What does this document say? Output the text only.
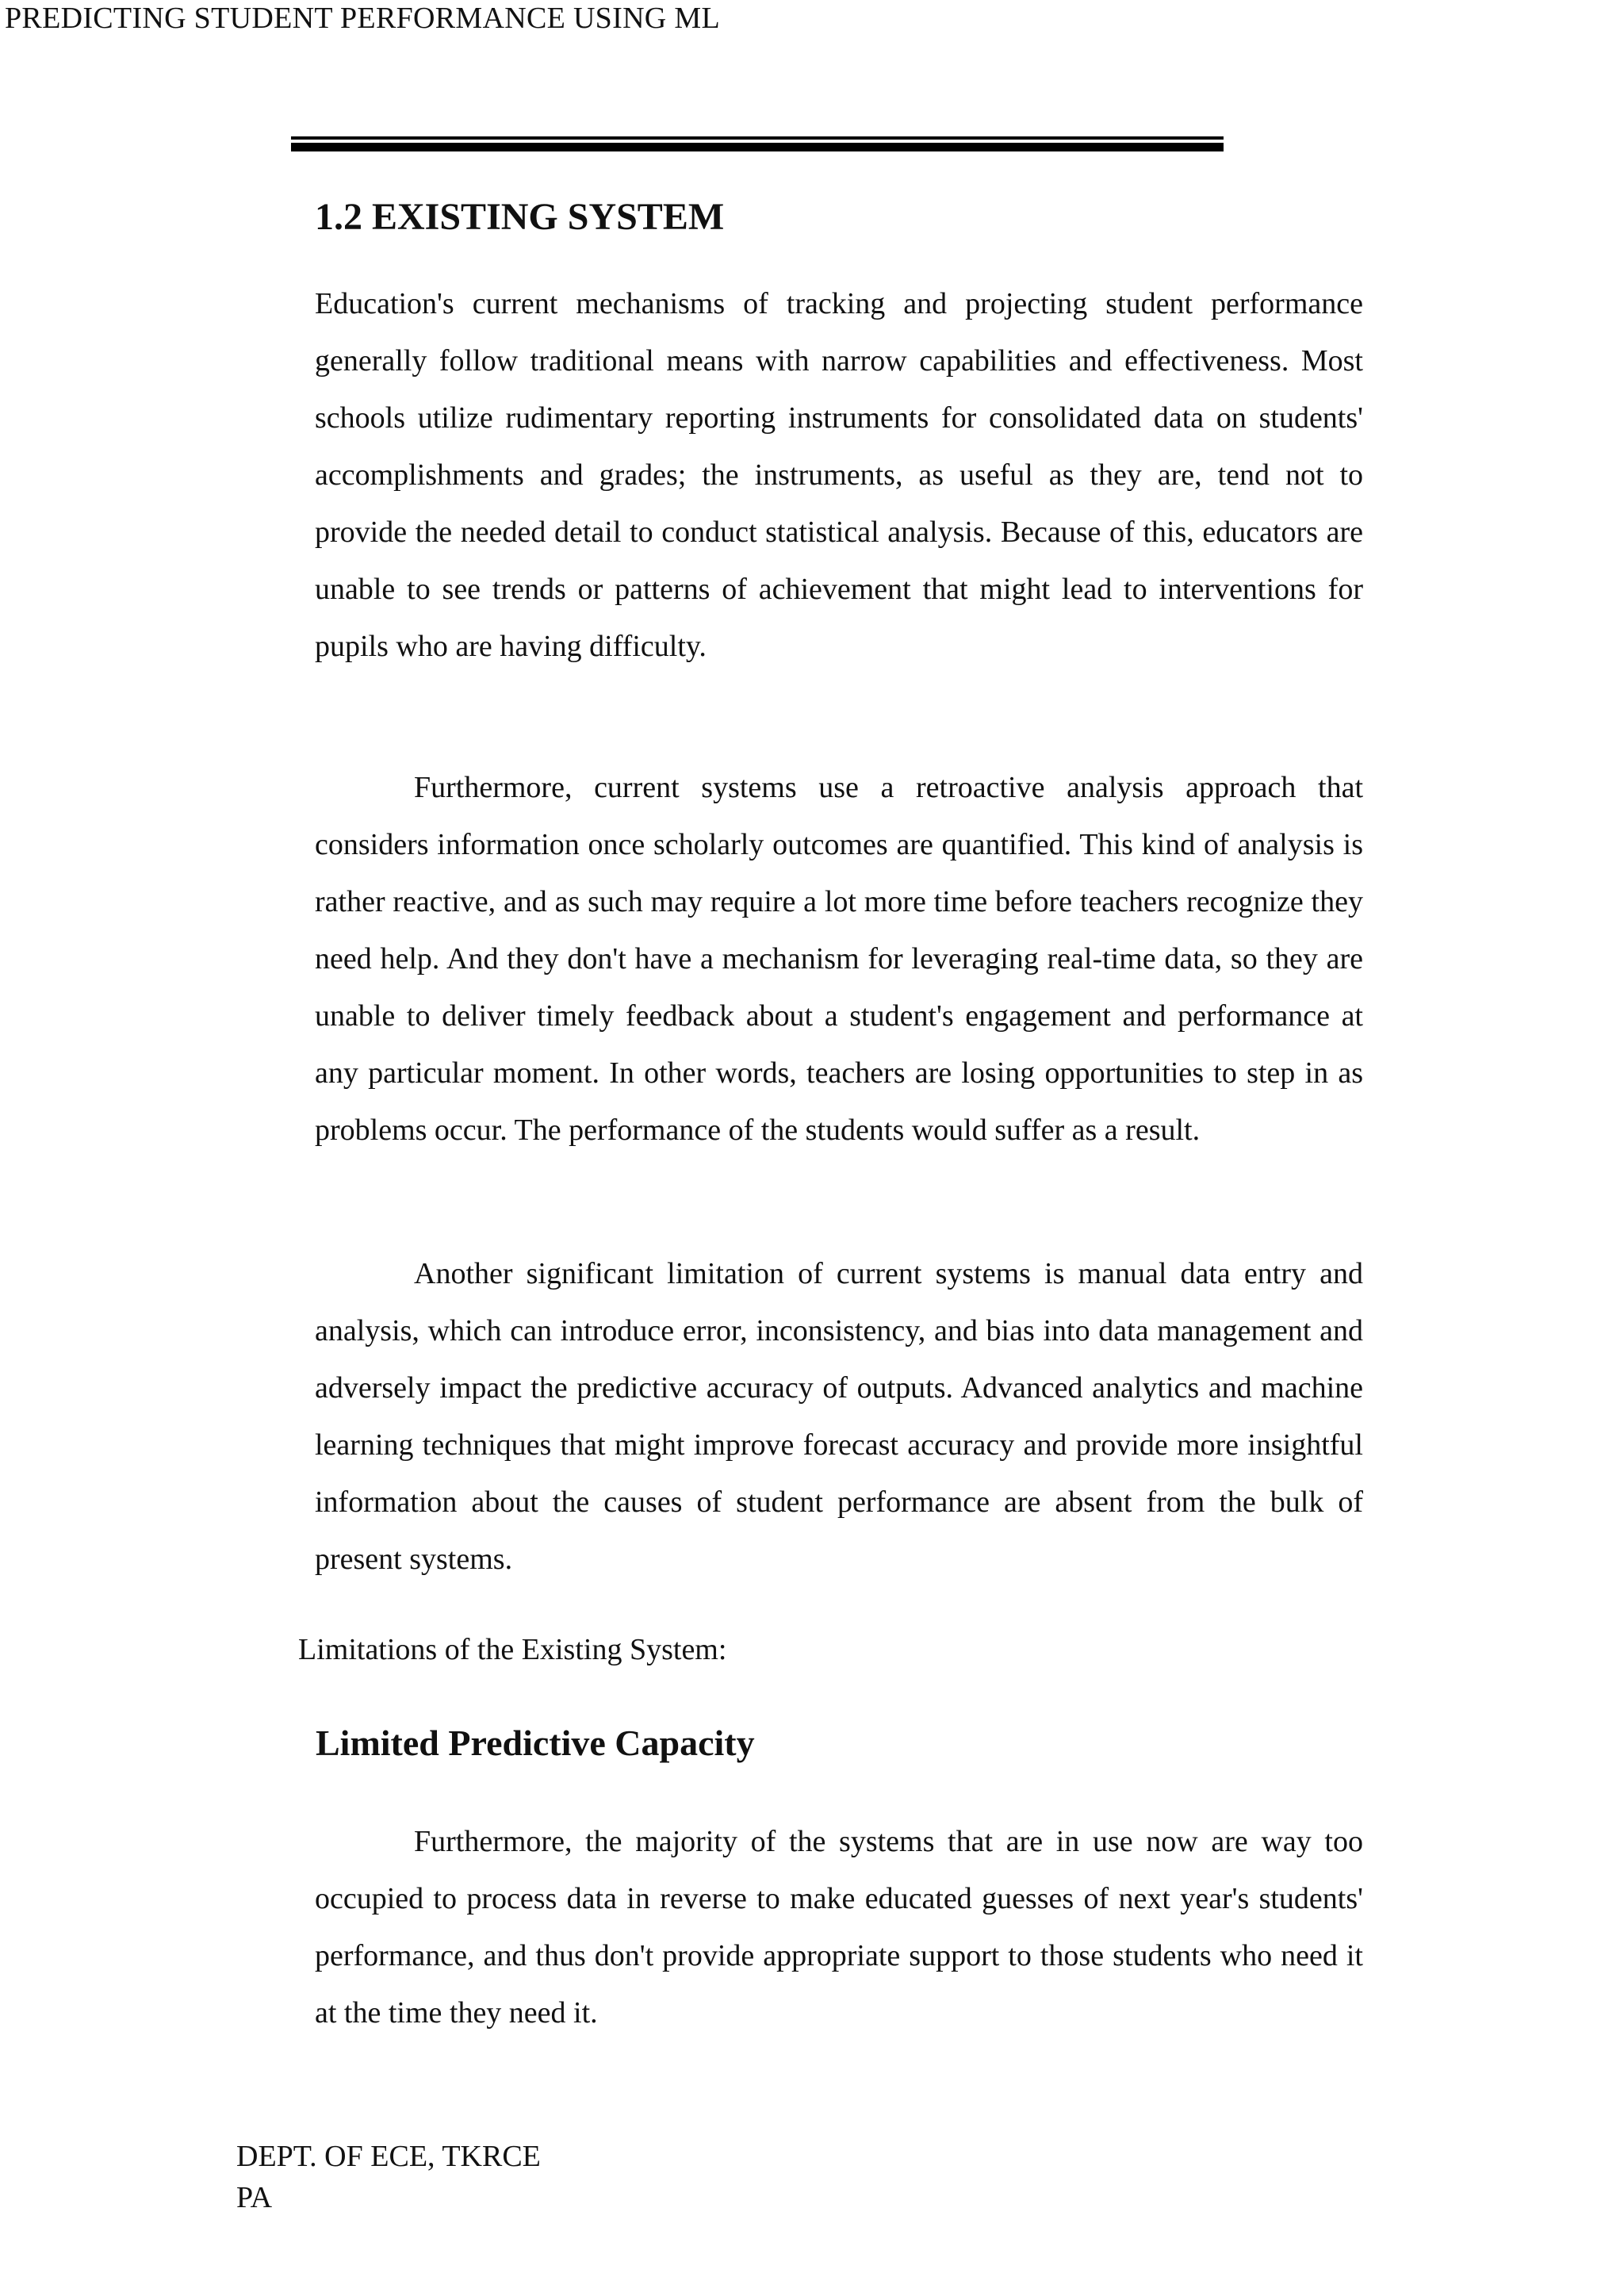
PREDICTING STUDENT PERFORMANCE USING ML
1.2 EXISTING SYSTEM

Education's current mechanisms of tracking and projecting student performance generally follow traditional means with narrow capabilities and effectiveness. Most schools utilize rudimentary reporting instruments for consolidated data on students' accomplishments and grades; the instruments, as useful as they are, tend not to provide the needed detail to conduct statistical analysis. Because of this, educators are unable to see trends or patterns of achievement that might lead to interventions for pupils who are having difficulty.

Furthermore, current systems use a retroactive analysis approach that considers information once scholarly outcomes are quantified. This kind of analysis is rather reactive, and as such may require a lot more time before teachers recognize they need help. And they don't have a mechanism for leveraging real-time data, so they are unable to deliver timely feedback about a student's engagement and performance at any particular moment. In other words, teachers are losing opportunities to step in as problems occur. The performance of the students would suffer as a result.

Another significant limitation of current systems is manual data entry and analysis, which can introduce error, inconsistency, and bias into data management and adversely impact the predictive accuracy of outputs. Advanced analytics and machine learning techniques that might improve forecast accuracy and provide more insightful information about the causes of student performance are absent from the bulk of present systems.

Limitations of the Existing System:

Limited Predictive Capacity

Furthermore, the majority of the systems that are in use now are way too occupied to process data in reverse to make educated guesses of next year's students' performance, and thus don't provide appropriate support to those students who need it at the time they need it.

DEPT. OF ECE, TKRCE
PA
